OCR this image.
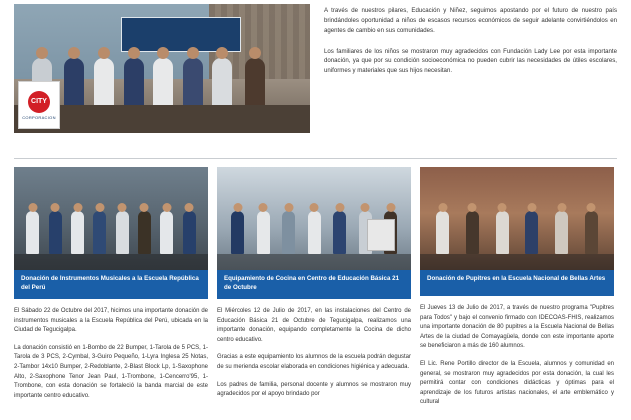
CITY
CORPORACION

A través de nuestros pilares, Educación y Niñez, seguimos apostando por el futuro de nuestro país brindándoles oportunidad a niños de escasos recursos económicos de seguir adelante convirtiéndolos en agentes de cambio en sus comunidades.

Los familiares de los niños se mostraron muy agradecidos con Fundación Lady Lee por esta importante donación, ya que por su condición socioeconómica no pueden cubrir las necesidades de útiles escolares, uniformes y materiales que sus hijos necesitan.

Donación de Instrumentos Musicales a la Escuela República del Perú

El Sábado 22 de Octubre del 2017, hicimos una importante donación de instrumentos musicales a la Escuela República del Perú, ubicada en la Ciudad de Tegucigalpa.

La donación consistió en 1-Bombo de 22 Bumper, 1-Tarola de 5 PCS, 1-Tarola de 3 PCS, 2-Cymbal, 3-Guiro Pequeño, 1-Lyra Inglesa 25 Notas, 2-Tambor 14x10 Bumper, 2-Redoblante, 2-Blast Block Lp, 1-Saxophone Alto, 2-Saxophone Tenor Jean Paul, 1-Trombone, 1-Cencerro'95, 1-Trombone, con esta donación se fortaleció la banda marcial de este importante centro educativo.

Equipamiento de Cocina en Centro de Educación Básica 21 de Octubre

El Miércoles 12 de Julio de 2017, en las instalaciones del Centro de Educación Básica 21 de Octubre de Tegucigalpa, realizamos una importante donación, equipando completamente la Cocina de dicho centro educativo.

Gracias a este equipamiento los alumnos de la escuela podrán degustar de su merienda escolar elaborada en condiciones higiénica y adecuada.

Los padres de familia, personal docente y alumnos se mostraron muy agradecidos por el apoyo brindado por

Donación de Pupitres en la Escuela Nacional de Bellas Artes

El Jueves 13 de Julio de 2017, a través de nuestro programa "Pupitres para Todos" y bajo el convenio firmado con IDECOAS-FHIS, realizamos una importante donación de 80 pupitres a la Escuela Nacional de Bellas Artes de la ciudad de Comayagüela, donde con este importante aporte se beneficiaron a más de 160 alumnos.

El Lic. Rene Portillo director de la Escuela, alumnos y comunidad en general, se mostraron muy agradecidos por esta donación, la cual les permitirá contar con condiciones didácticas y óptimas para el aprendizaje de los futuros artistas nacionales, el arte emblemático y cultural
